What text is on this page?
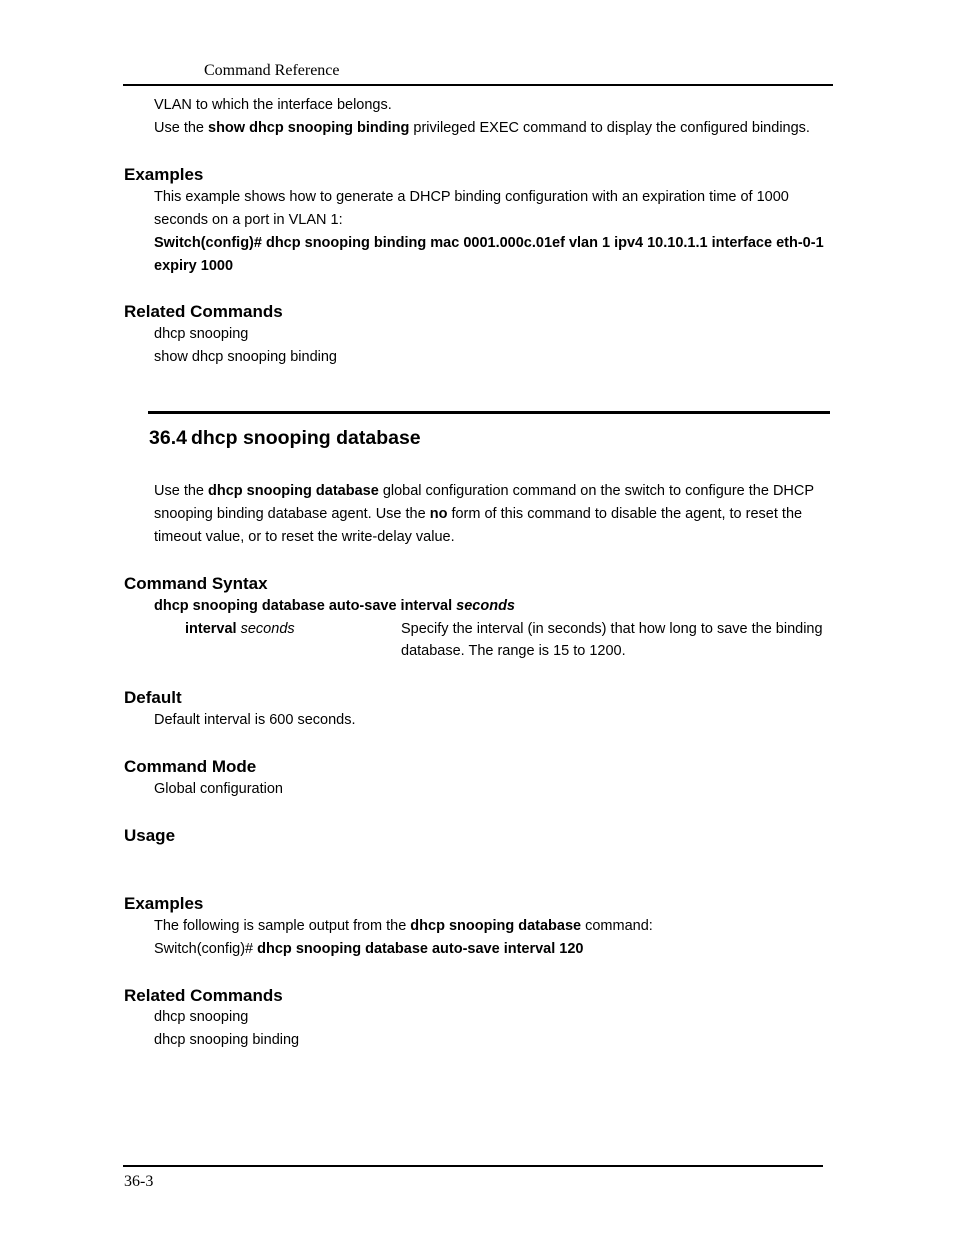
Command Reference
VLAN to which the interface belongs.
Use the show dhcp snooping binding privileged EXEC command to display the configured bindings.
Examples
This example shows how to generate a DHCP binding configuration with an expiration time of 1000
seconds on a port in VLAN 1:
Switch(config)# dhcp snooping binding mac 0001.000c.01ef vlan 1 ipv4 10.10.1.1 interface eth-0-1
expiry 1000
Related Commands
dhcp snooping
show dhcp snooping binding
36.4 dhcp snooping database
Use the dhcp snooping database global configuration command on the switch to configure the DHCP
snooping binding database agent. Use the no form of this command to disable the agent, to reset the
timeout value, or to reset the write-delay value.
Command Syntax
dhcp snooping database auto-save interval seconds
interval seconds	Specify the interval (in seconds) that how long to save the binding
database. The range is 15 to 1200.
Default
Default interval is 600 seconds.
Command Mode
Global configuration
Usage
Examples
The following is sample output from the dhcp snooping database command:
Switch(config)# dhcp snooping database auto-save interval 120
Related Commands
dhcp snooping
dhcp snooping binding
36-3
